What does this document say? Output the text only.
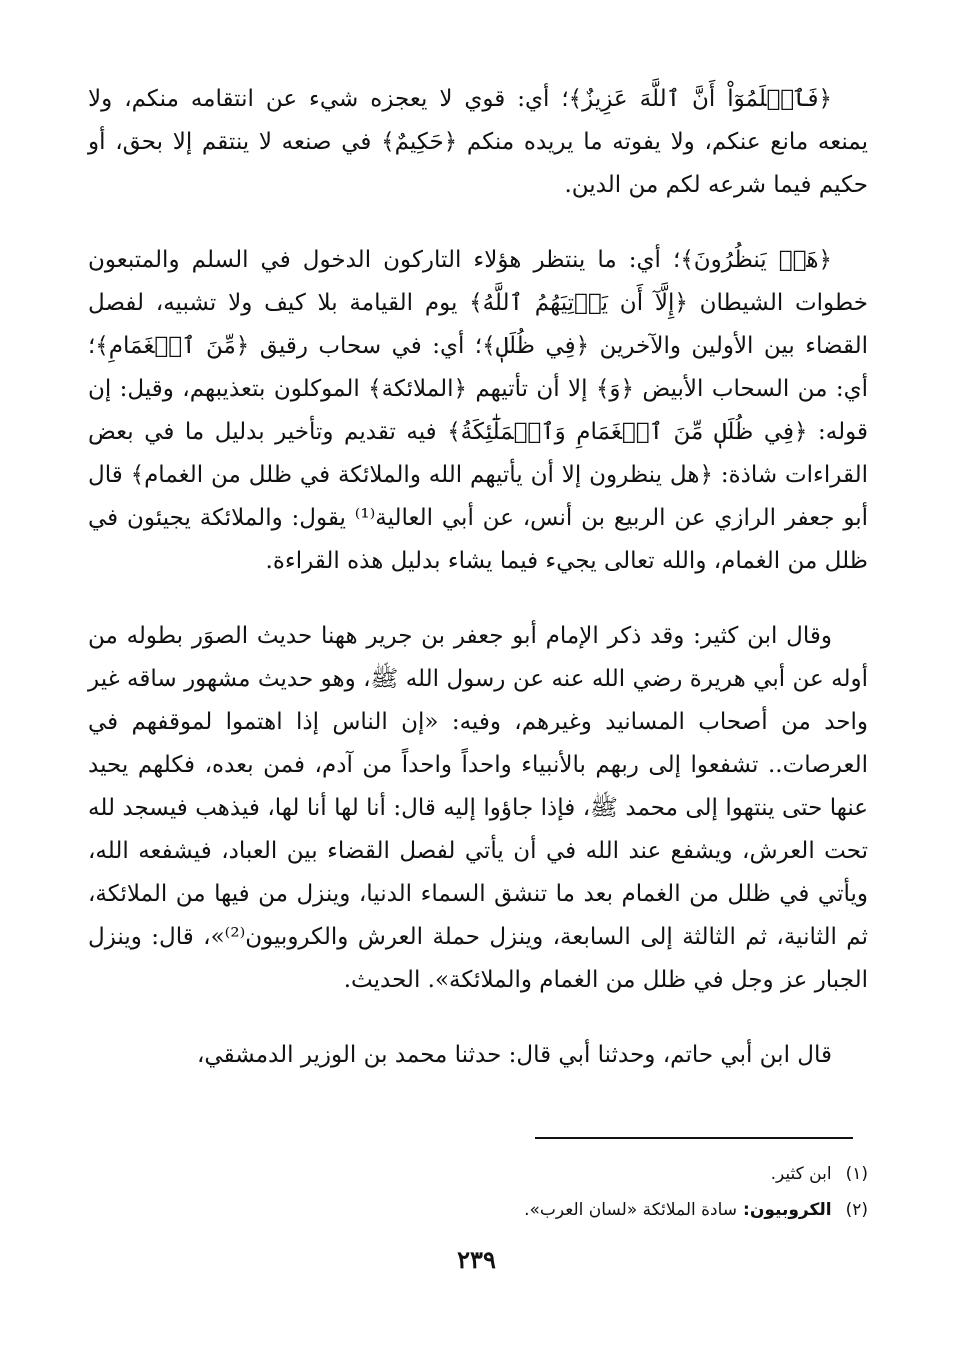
﴿فَٱعۡلَمُوٓاْ أَنَّ ٱللَّهَ عَزِيزٌ﴾؛ أي: قوي لا يعجزه شيء عن انتقامه منكم، ولا يمنعه مانع عنكم، ولا يفوته ما يريده منكم ﴿حَكِيمٌ﴾ في صنعه لا ينتقم إلا بحق، أو حكيم فيما شرعه لكم من الدين.

﴿هَلۡ يَنظُرُونَ﴾؛ أي: ما ينتظر هؤلاء التاركون الدخول في السلم والمتبعون خطوات الشيطان ﴿إِلَّآ أَن يَأۡتِيَهُمُ ٱللَّهُ﴾ يوم القيامة بلا كيف ولا تشبيه، لفصل القضاء بين الأولين والآخرين ﴿فِي ظُلَلٖ﴾؛ أي: في سحاب رقيق ﴿مِّنَ ٱلۡغَمَامِ﴾؛ أي: من السحاب الأبيض ﴿وَ﴾ إلا أن تأتيهم ﴿الملائكة﴾ الموكلون بتعذيبهم، وقيل: إن قوله: ﴿فِي ظُلَلٖ مِّنَ ٱلۡغَمَامِ وَٱلۡمَلَٰٓئِكَةُ﴾ فيه تقديم وتأخير بدليل ما في بعض القراءات شاذة: ﴿هل ينظرون إلا أن يأتيهم الله والملائكة في ظلل من الغمام﴾ قال أبو جعفر الرازي عن الربيع بن أنس، عن أبي العالية⁽¹⁾ يقول: والملائكة يجيئون في ظلل من الغمام، والله تعالى يجيء فيما يشاء بدليل هذه القراءة.

وقال ابن كثير: وقد ذكر الإمام أبو جعفر بن جرير ههنا حديث الصوَر بطوله من أوله عن أبي هريرة رضي الله عنه عن رسول الله ﷺ، وهو حديث مشهور ساقه غير واحد من أصحاب المسانيد وغيرهم، وفيه: «إن الناس إذا اهتموا لموقفهم في العرصات.. تشفعوا إلى ربهم بالأنبياء واحداً واحداً من آدم، فمن بعده، فكلهم يحيد عنها حتى ينتهوا إلى محمد ﷺ، فإذا جاؤوا إليه قال: أنا لها أنا لها، فيذهب فيسجد لله تحت العرش، ويشفع عند الله في أن يأتي لفصل القضاء بين العباد، فيشفعه الله، ويأتي في ظلل من الغمام بعد ما تنشق السماء الدنيا، وينزل من فيها من الملائكة، ثم الثانية، ثم الثالثة إلى السابعة، وينزل حملة العرش والكروبيون⁽²⁾»، قال: وينزل الجبار عز وجل في ظلل من الغمام والملائكة». الحديث.

قال ابن أبي حاتم، وحدثنا أبي قال: حدثنا محمد بن الوزير الدمشقي،

(١)
ابن كثير.
(٢)
الكروبيون:
سادة الملائكة «لسان العرب».
٢٣٩
